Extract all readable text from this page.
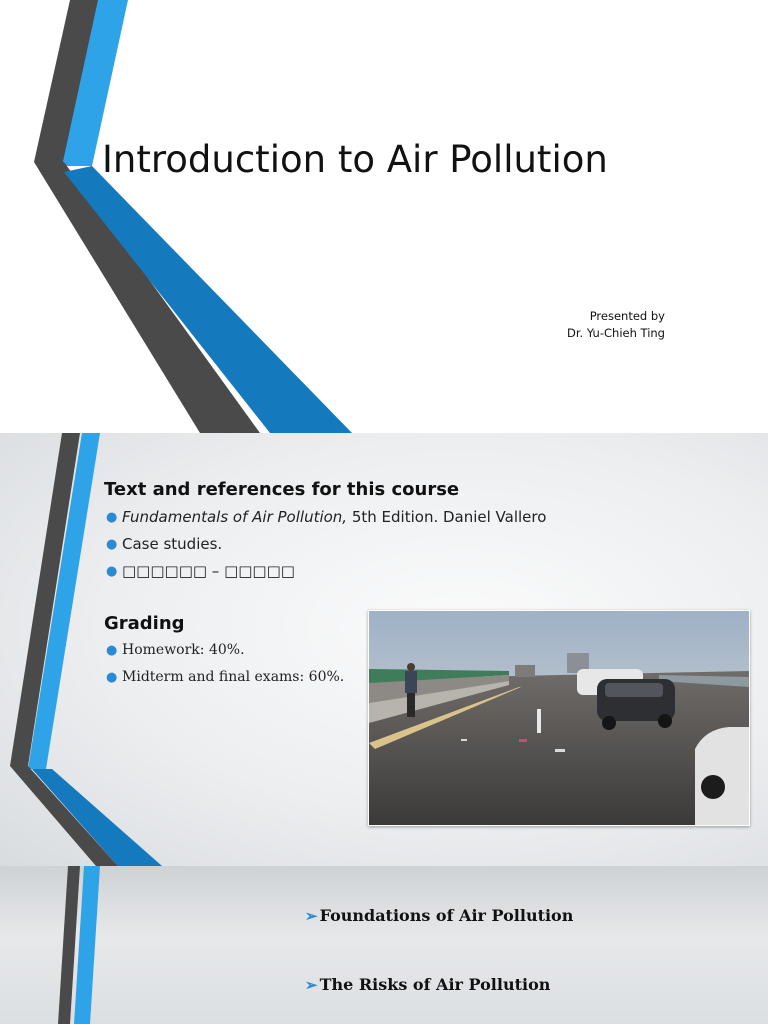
Introduction to Air Pollution
Presented by
Dr. Yu-Chieh Ting
Text and references for this course
● Fundamentals of Air Pollution, 5th Edition. Daniel Vallero
● Case studies.
● □□□□□□ – □□□□□
Grading
● Homework: 40%.
● Midterm and final exams: 60%.
➢ Foundations of Air Pollution
➢ The Risks of Air Pollution
